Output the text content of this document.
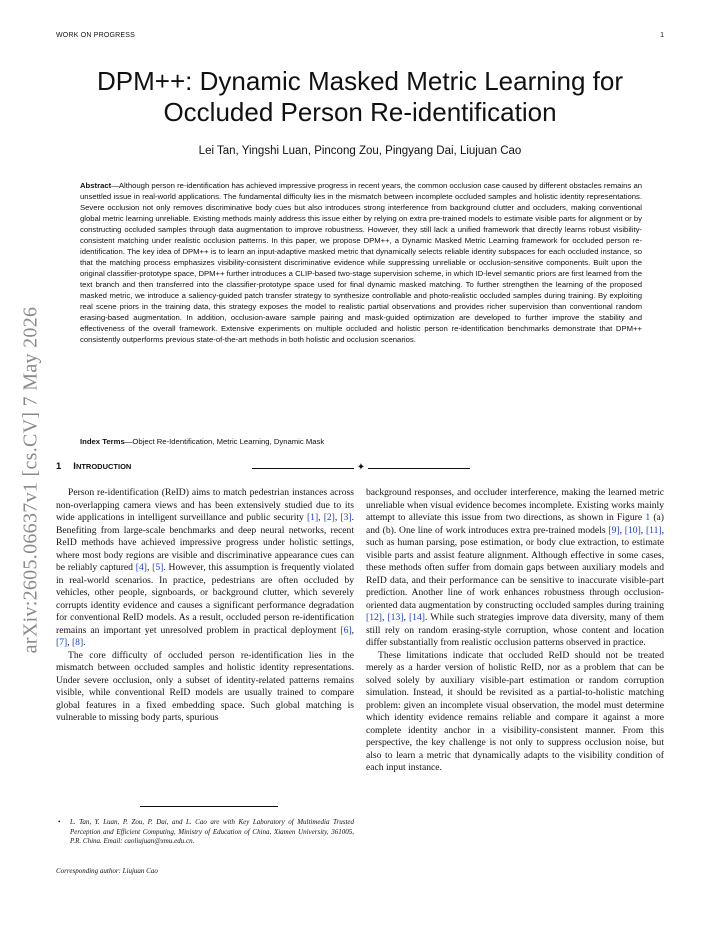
WORK ON PROGRESS	1
arXiv:2605.06637v1 [cs.CV] 7 May 2026
DPM++: Dynamic Masked Metric Learning for
Occluded Person Re-identification
Lei Tan, Yingshi Luan, Pincong Zou, Pingyang Dai, Liujuan Cao
Abstract—Although person re-identification has achieved impressive progress in recent years, the common occlusion case caused by different obstacles remains an unsettled issue in real-world applications. The fundamental difficulty lies in the mismatch between incomplete occluded samples and holistic identity representations. Severe occlusion not only removes discriminative body cues but also introduces strong interference from background clutter and occluders, making conventional global metric learning unreliable. Existing methods mainly address this issue either by relying on extra pre-trained models to estimate visible parts for alignment or by constructing occluded samples through data augmentation to improve robustness. However, they still lack a unified framework that directly learns robust visibility-consistent matching under realistic occlusion patterns. In this paper, we propose DPM++, a Dynamic Masked Metric Learning framework for occluded person re-identification. The key idea of DPM++ is to learn an input-adaptive masked metric that dynamically selects reliable identity subspaces for each occluded instance, so that the matching process emphasizes visibility-consistent discriminative evidence while suppressing unreliable or occlusion-sensitive components. Built upon the original classifier-prototype space, DPM++ further introduces a CLIP-based two-stage supervision scheme, in which ID-level semantic priors are first learned from the text branch and then transferred into the classifier-prototype space used for final dynamic masked matching. To further strengthen the learning of the proposed masked metric, we introduce a saliency-guided patch transfer strategy to synthesize controllable and photo-realistic occluded samples during training. By exploiting real scene priors in the training data, this strategy exposes the model to realistic partial observations and provides richer supervision than conventional random erasing-based augmentation. In addition, occlusion-aware sample pairing and mask-guided optimization are developed to further improve the stability and effectiveness of the overall framework. Extensive experiments on multiple occluded and holistic person re-identification benchmarks demonstrate that DPM++ consistently outperforms previous state-of-the-art methods in both holistic and occlusion scenarios.
Index Terms—Object Re-Identification, Metric Learning, Dynamic Mask
✦
1 INTRODUCTION

Person re-identification (ReID) aims to match pedestrian instances across non-overlapping camera views and has been extensively studied due to its wide applications in intelligent surveillance and public security [1], [2], [3]. Benefiting from large-scale benchmarks and deep neural networks, recent ReID methods have achieved impressive progress under holistic settings, where most body regions are visible and discriminative appearance cues can be reliably captured [4], [5]. However, this assumption is frequently violated in real-world scenarios. In practice, pedestrians are often occluded by vehicles, other people, signboards, or background clutter, which severely corrupts identity evidence and causes a significant performance degradation for conventional ReID models. As a result, occluded person re-identification remains an important yet unresolved problem in practical deployment [6], [7], [8].

The core difficulty of occluded person re-identification lies in the mismatch between occluded samples and holistic identity representations. Under severe occlusion, only a subset of identity-related patterns remains visible, while conventional ReID models are usually trained to compare global features in a fixed embedding space. Such global matching is vulnerable to missing body parts, spurious

background responses, and occluder interference, making the learned metric unreliable when visual evidence becomes incomplete. Existing works mainly attempt to alleviate this issue from two directions, as shown in Figure 1 (a) and (b). One line of work introduces extra pre-trained models [9], [10], [11], such as human parsing, pose estimation, or body clue extraction, to estimate visible parts and assist feature alignment. Although effective in some cases, these methods often suffer from domain gaps between auxiliary models and ReID data, and their performance can be sensitive to inaccurate visible-part prediction. Another line of work enhances robustness through occlusion-oriented data augmentation by constructing occluded samples during training [12], [13], [14]. While such strategies improve data diversity, many of them still rely on random erasing-style corruption, whose content and location differ substantially from realistic occlusion patterns observed in practice.

These limitations indicate that occluded ReID should not be treated merely as a harder version of holistic ReID, nor as a problem that can be solved solely by auxiliary visible-part estimation or random corruption simulation. Instead, it should be revisited as a partial-to-holistic matching problem: given an incomplete visual observation, the model must determine which identity evidence remains reliable and compare it against a more complete identity anchor in a visibility-consistent manner. From this perspective, the key challenge is not only to suppress occlusion noise, but also to learn a metric that dynamically adapts to the visibility condition of each input instance.

• L. Tan, Y. Luan, P. Zou, P. Dai, and L. Cao are with Key Laboratory of Multimedia Trusted Perception and Efficient Computing, Ministry of Education of China, Xiamen University, 361005, P.R. China. Email: caoliujuan@xmu.edu.cn.
Corresponding author: Liujuan Cao
